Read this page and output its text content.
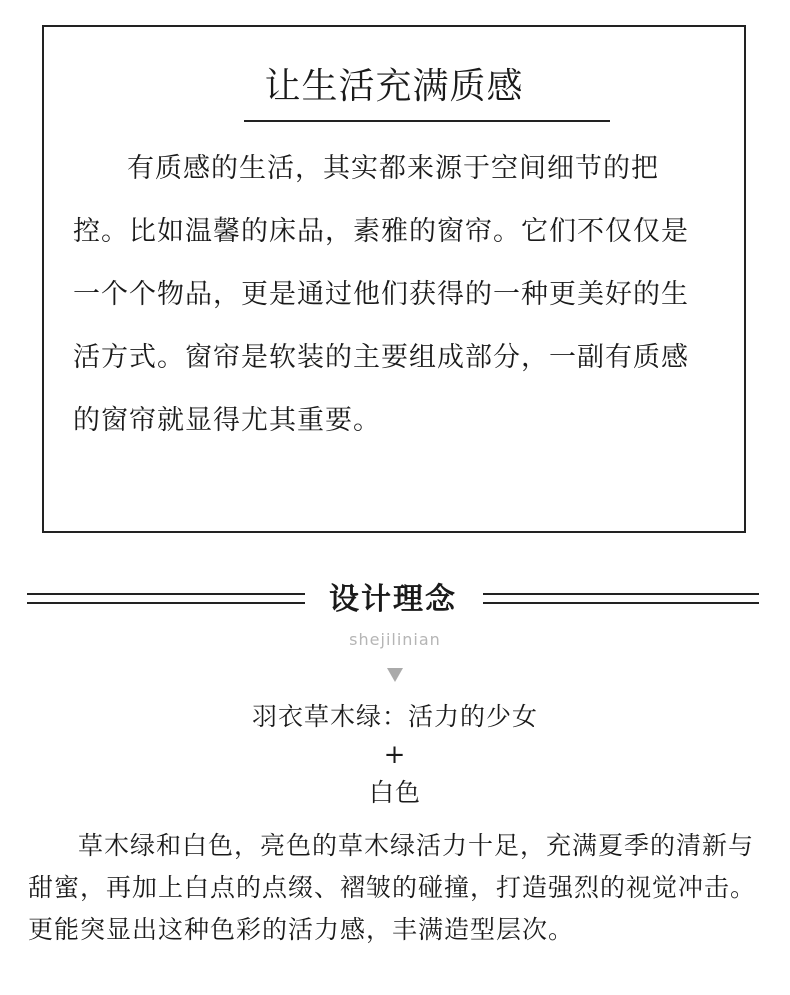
让生活充满质感

有质感的生活，其实都来源于空间细节的把控。比如温馨的床品，素雅的窗帘。它们不仅仅是一个个物品，更是通过他们获得的一种更美好的生活方式。窗帘是软装的主要组成部分，一副有质感的窗帘就显得尤其重要。

设计理念

shejilinian

羽衣草木绿：活力的少女

+

白色

草木绿和白色，亮色的草木绿活力十足，充满夏季的清新与甜蜜，再加上白点的点缀、褶皱的碰撞，打造强烈的视觉冲击。更能突显出这种色彩的活力感，丰满造型层次。
